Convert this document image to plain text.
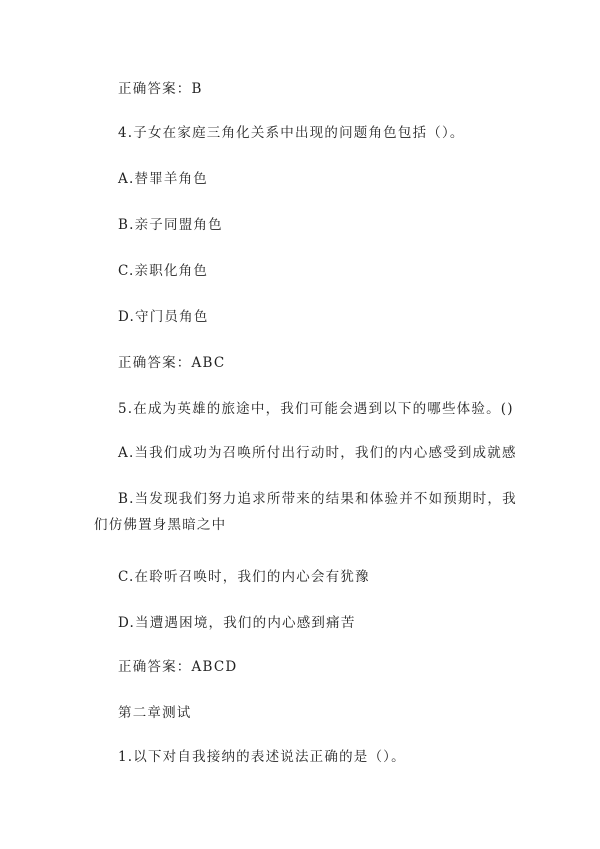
正确答案：B
4.子女在家庭三角化关系中出现的问题角色包括（）。
A.替罪羊角色
B.亲子同盟角色
C.亲职化角色
D.守门员角色
正确答案：ABC
5.在成为英雄的旅途中，我们可能会遇到以下的哪些体验。()
A.当我们成功为召唤所付出行动时，我们的内心感受到成就感
B.当发现我们努力追求所带来的结果和体验并不如预期时，我们仿佛置身黑暗之中
C.在聆听召唤时，我们的内心会有犹豫
D.当遭遇困境，我们的内心感到痛苦
正确答案：ABCD
第二章测试
1.以下对自我接纳的表述说法正确的是（）。
